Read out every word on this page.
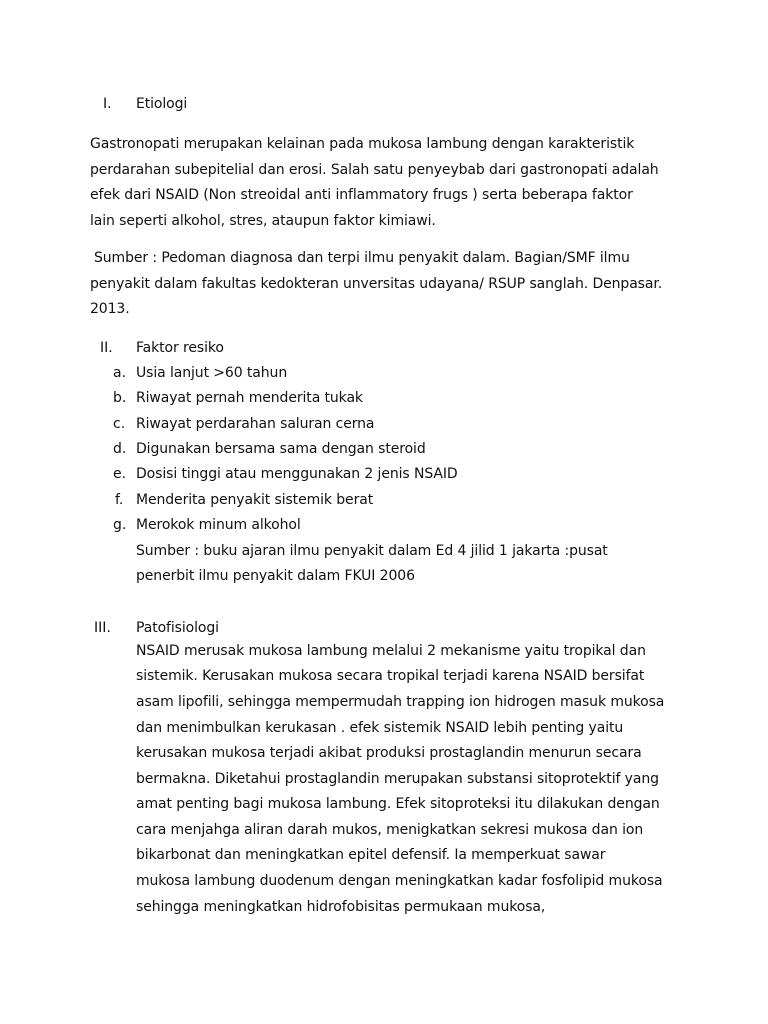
I. Etiologi
Gastronopati merupakan kelainan pada mukosa lambung dengan karakteristik
perdarahan subepitelial dan erosi. Salah satu penyeybab dari gastronopati adalah
efek dari NSAID (Non streoidal anti inflammatory frugs ) serta beberapa faktor
lain seperti alkohol, stres, ataupun faktor kimiawi.
Sumber : Pedoman diagnosa dan terpi ilmu penyakit dalam. Bagian/SMF ilmu
penyakit dalam fakultas kedokteran unversitas udayana/ RSUP sanglah. Denpasar.
2013.
II. Faktor resiko
a. Usia lanjut >60 tahun
b. Riwayat pernah menderita tukak
c. Riwayat perdarahan saluran cerna
d. Digunakan bersama sama dengan steroid
e. Dosisi tinggi atau menggunakan 2 jenis NSAID
f. Menderita penyakit sistemik berat
g. Merokok minum alkohol
Sumber : buku ajaran ilmu penyakit dalam Ed 4 jilid 1 jakarta :pusat
penerbit ilmu penyakit dalam FKUI 2006
III. Patofisiologi
NSAID merusak mukosa lambung melalui 2 mekanisme yaitu tropikal dan
sistemik. Kerusakan mukosa secara tropikal terjadi karena NSAID bersifat
asam lipofili, sehingga mempermudah trapping ion hidrogen masuk mukosa
dan menimbulkan kerukasan . efek sistemik NSAID lebih penting yaitu
kerusakan mukosa terjadi akibat produksi prostaglandin menurun secara
bermakna. Diketahui prostaglandin merupakan substansi sitoprotektif yang
amat penting bagi mukosa lambung. Efek sitoproteksi itu dilakukan dengan
cara menjahga aliran darah mukos, menigkatkan sekresi mukosa dan ion
bikarbonat dan meningkatkan epitel defensif. Ia memperkuat sawar
mukosa lambung duodenum dengan meningkatkan kadar fosfolipid mukosa
sehingga meningkatkan hidrofobisitas permukaan mukosa,
